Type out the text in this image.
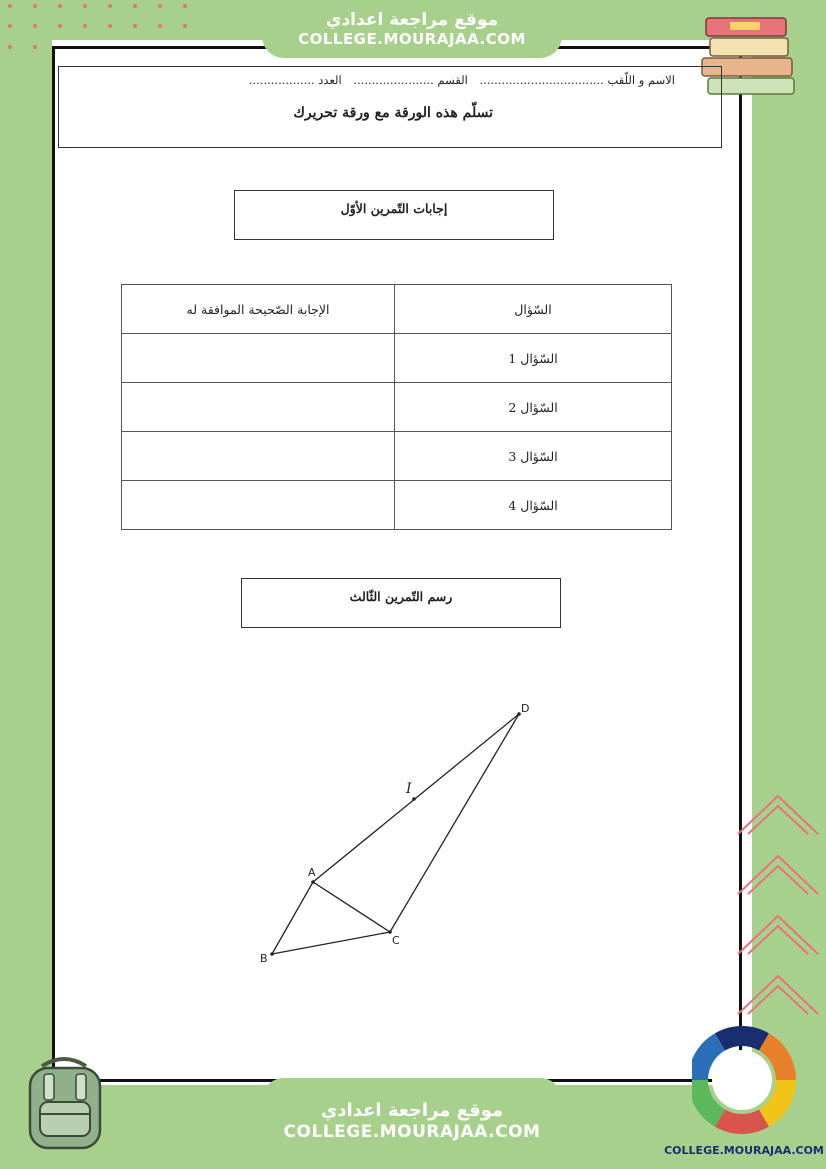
موقع مراجعة اعدادي
COLLEGE.MOURAJAA.COM
الاسم و اللّقب .................................. القسم ...................... العدد ..................
تسلّم هذه الورقة مع ورقة تحريرك
إجابات التّمرين الأوّل
السّؤال	الإجابة الصّحيحة الموافقة له
السّؤال 1	
السّؤال 2	
السّؤال 3	
السّؤال 4	
رسم التّمرين الثّالث
A
B
C
D
I
موقع مراجعة اعدادي
COLLEGE.MOURAJAA.COM
COLLEGE.MOURAJAA.COM
